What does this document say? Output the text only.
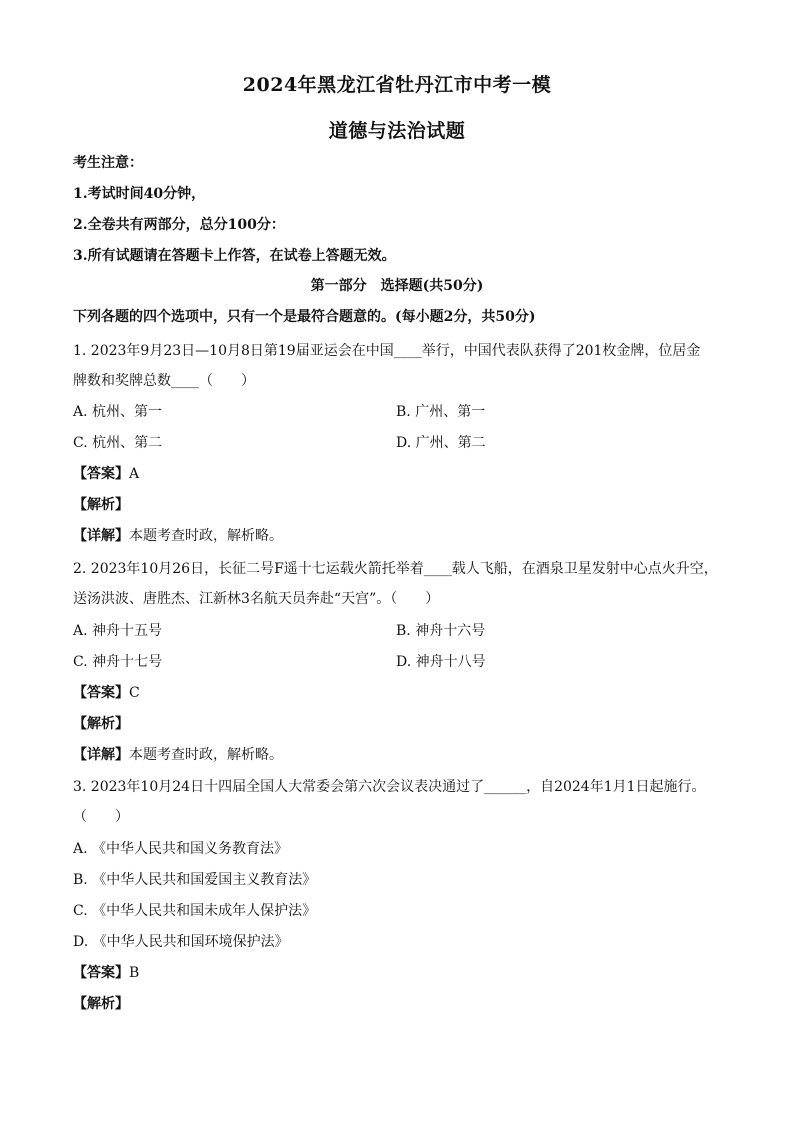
2024年黑龙江省牡丹江市中考一模
道德与法治试题
考生注意：
1.考试时间40分钟，
2.全卷共有两部分，总分100分：
3.所有试题请在答题卡上作答，在试卷上答题无效。
第一部分　选择题(共50分)
下列各题的四个选项中，只有一个是最符合题意的。(每小题2分，共50分)
1. 2023年9月23日—10月8日第19届亚运会在中国____举行，中国代表队获得了201枚金牌，位居金
牌数和奖牌总数____（　　）
A. 杭州、第一	B. 广州、第一
C. 杭州、第二	D. 广州、第二
【答案】A
【解析】
【详解】本题考查时政，解析略。
2. 2023年10月26日，长征二号F遥十七运载火箭托举着____载人飞船，在酒泉卫星发射中心点火升空，
送汤洪波、唐胜杰、江新林3名航天员奔赴“天宫”。（　　）
A. 神舟十五号	B. 神舟十六号
C. 神舟十七号	D. 神舟十八号
【答案】C
【解析】
【详解】本题考查时政，解析略。
3. 2023年10月24日十四届全国人大常委会第六次会议表决通过了______，自2024年1月1日起施行。
（　　）
A. 《中华人民共和国义务教育法》
B. 《中华人民共和国爱国主义教育法》
C. 《中华人民共和国未成年人保护法》
D. 《中华人民共和国环境保护法》
【答案】B
【解析】
